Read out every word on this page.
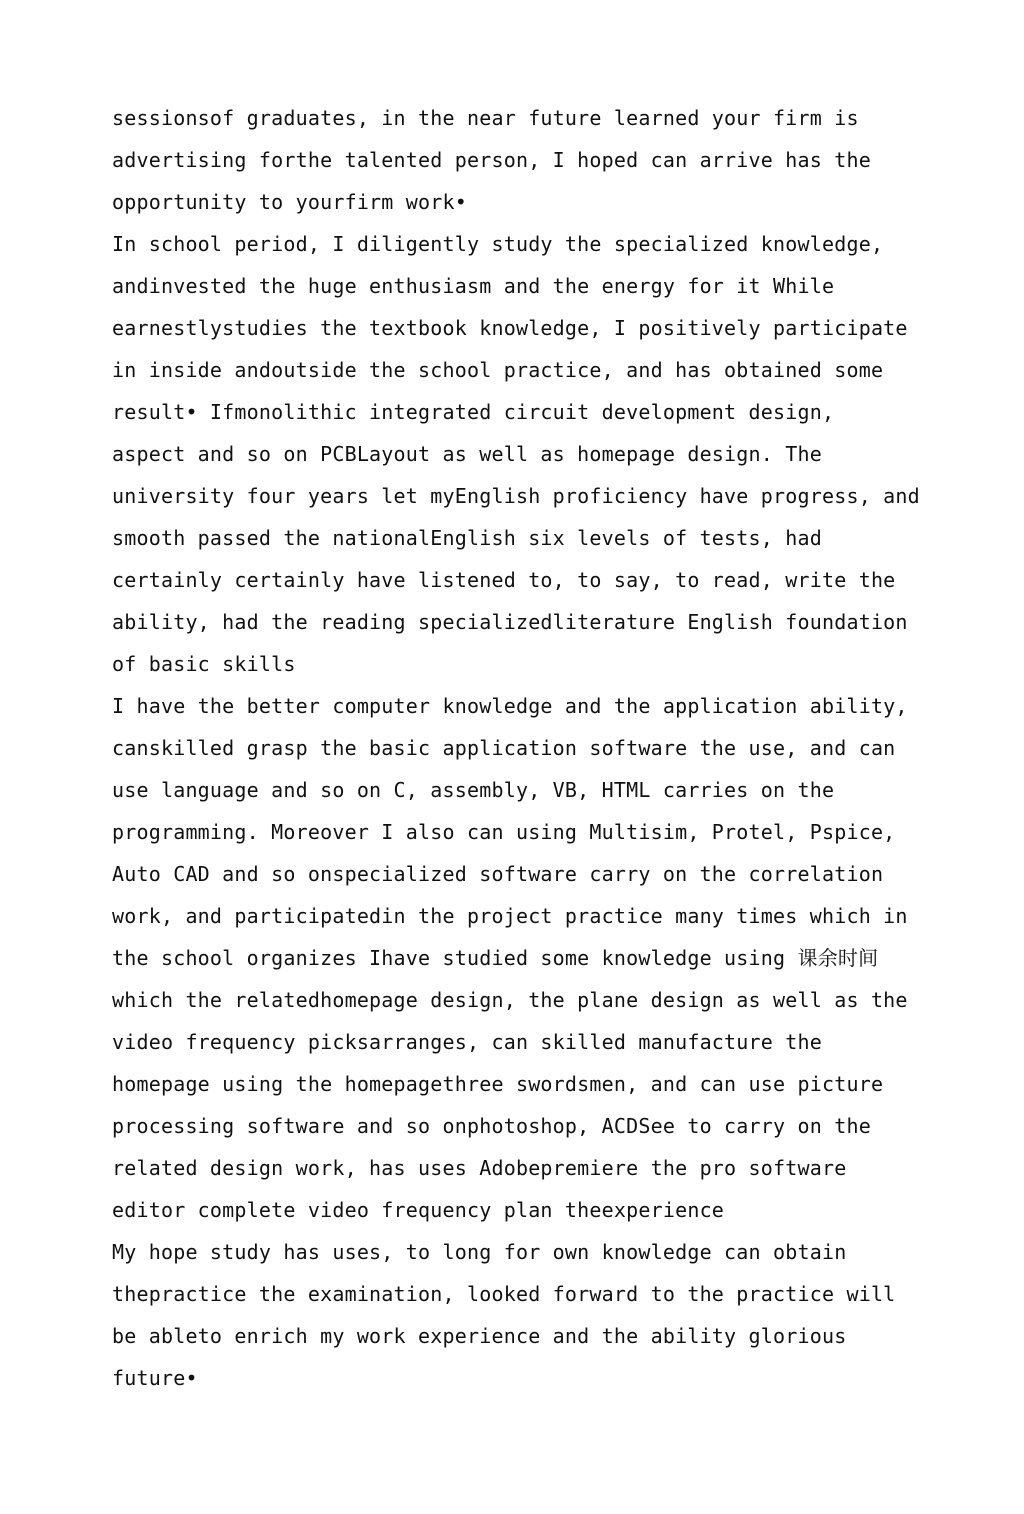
sessionsof graduates, in the near future learned your firm is
advertising forthe talented person, I hoped can arrive has the
opportunity to yourfirm work•
In school period, I diligently study the specialized knowledge,
andinvested the huge enthusiasm and the energy for it While
earnestlystudies the textbook knowledge, I positively participate
in inside andoutside the school practice, and has obtained some
result• Ifmonolithic integrated circuit development design,
aspect and so on PCBLayout as well as homepage design. The
university four years let myEnglish proficiency have progress, and
smooth passed the nationalEnglish six levels of tests, had
certainly certainly have listened to, to say, to read, write the
ability, had the reading specializedliterature English foundation
of basic skills
I have the better computer knowledge and the application ability,
canskilled grasp the basic application software the use, and can
use language and so on C, assembly, VB, HTML carries on the
programming. Moreover I also can using Multisim, Protel, Pspice,
Auto CAD and so onspecialized software carry on the correlation
work, and participatedin the project practice many times which in
the school organizes Ihave studied some knowledge using 课余时间
which the relatedhomepage design, the plane design as well as the
video frequency picksarranges, can skilled manufacture the
homepage using the homepagethree swordsmen, and can use picture
processing software and so onphotoshop, ACDSee to carry on the
related design work, has uses Adobepremiere the pro software
editor complete video frequency plan theexperience
My hope study has uses, to long for own knowledge can obtain
thepractice the examination, looked forward to the practice will
be ableto enrich my work experience and the ability glorious
future•
